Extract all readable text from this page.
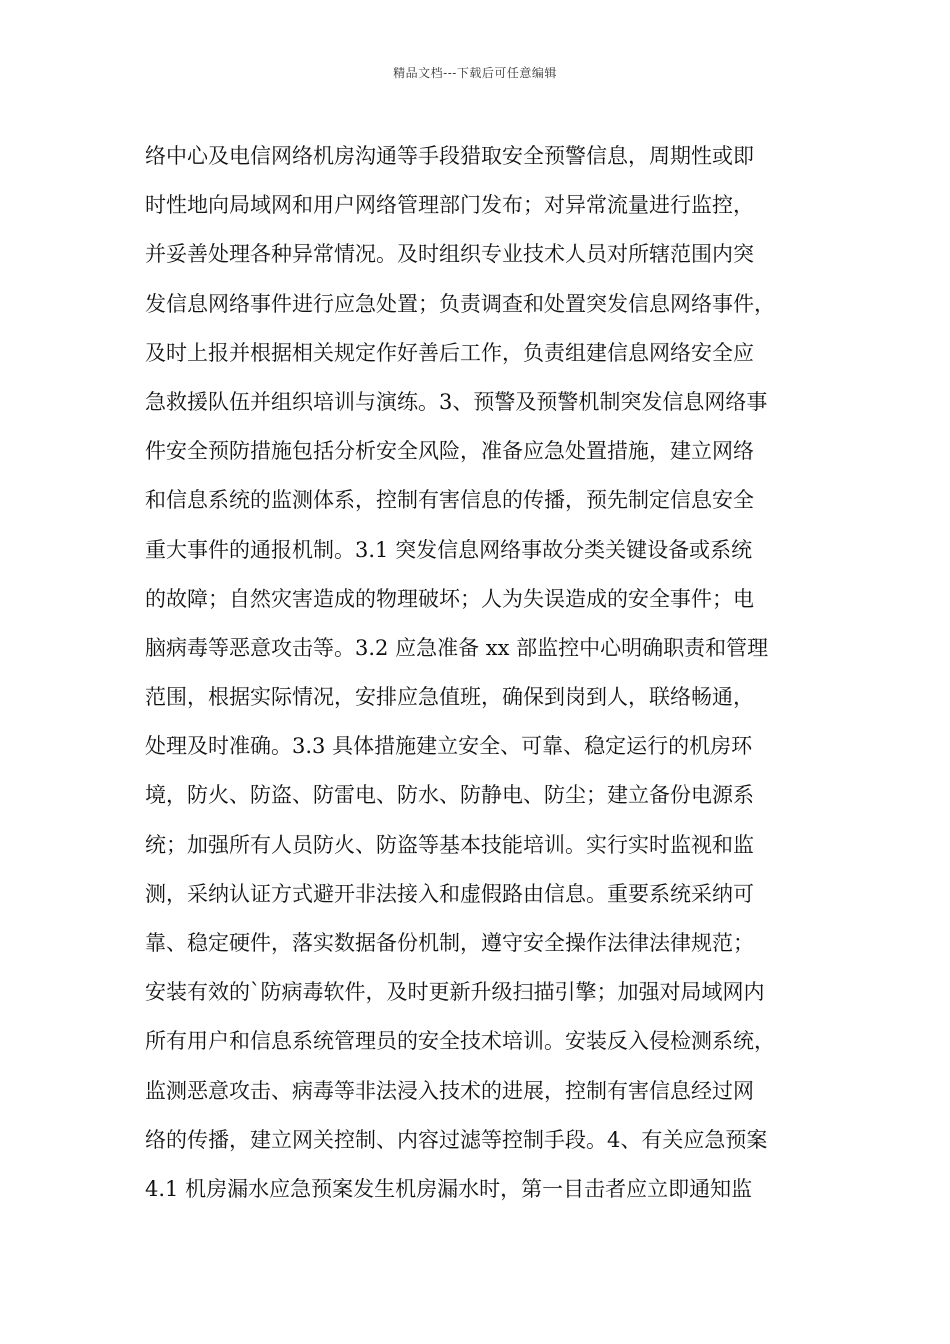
精品文档---下载后可任意编辑
络中心及电信网络机房沟通等手段猎取安全预警信息，周期性或即
时性地向局域网和用户网络管理部门发布；对异常流量进行监控，
并妥善处理各种异常情况。及时组织专业技术人员对所辖范围内突
发信息网络事件进行应急处置；负责调查和处置突发信息网络事件，
及时上报并根据相关规定作好善后工作，负责组建信息网络安全应
急救援队伍并组织培训与演练。3、预警及预警机制突发信息网络事
件安全预防措施包括分析安全风险，准备应急处置措施，建立网络
和信息系统的监测体系，控制有害信息的传播，预先制定信息安全
重大事件的通报机制。3.1 突发信息网络事故分类关键设备或系统
的故障；自然灾害造成的物理破坏；人为失误造成的安全事件；电
脑病毒等恶意攻击等。3.2 应急准备 xx 部监控中心明确职责和管理
范围，根据实际情况，安排应急值班，确保到岗到人，联络畅通，
处理及时准确。3.3 具体措施建立安全、可靠、稳定运行的机房环
境，防火、防盗、防雷电、防水、防静电、防尘；建立备份电源系
统；加强所有人员防火、防盗等基本技能培训。实行实时监视和监
测，采纳认证方式避开非法接入和虚假路由信息。重要系统采纳可
靠、稳定硬件，落实数据备份机制，遵守安全操作法律法律规范；
安装有效的`防病毒软件，及时更新升级扫描引擎；加强对局域网内
所有用户和信息系统管理员的安全技术培训。安装反入侵检测系统，
监测恶意攻击、病毒等非法浸入技术的进展，控制有害信息经过网
络的传播，建立网关控制、内容过滤等控制手段。4、有关应急预案
4.1 机房漏水应急预案发生机房漏水时，第一目击者应立即通知监
